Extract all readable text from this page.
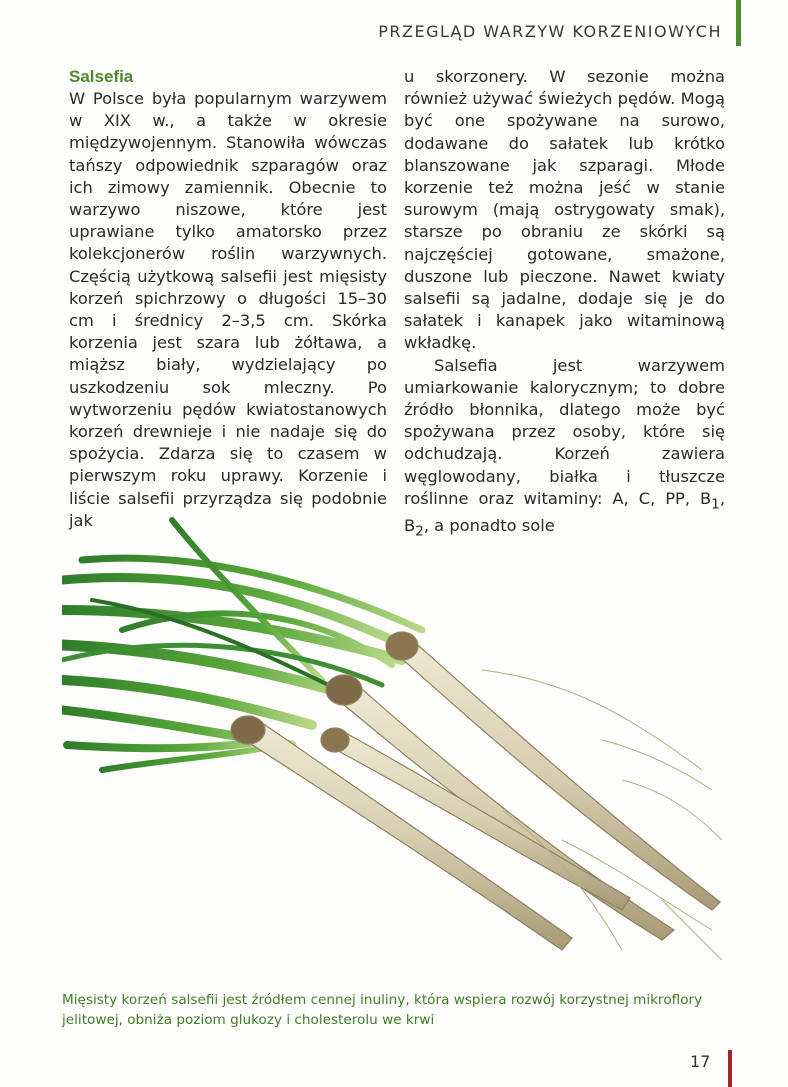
PRZEGLĄD WARZYW KORZENIOWYCH
Salsefia

W Polsce była popularnym warzywem w XIX w., a także w okresie międzywojennym. Stanowiła wówczas tańszy odpowiednik szparagów oraz ich zimowy zamiennik. Obecnie to warzywo niszowe, które jest uprawiane tylko amatorsko przez kolekcjonerów roślin warzywnych. Częścią użytkową salsefii jest mięsisty korzeń spichrzowy o długości 15–30 cm i średnicy 2–3,5 cm. Skórka korzenia jest szara lub żółtawa, a miąższ biały, wydzielający po uszkodzeniu sok mleczny. Po wytworzeniu pędów kwiatostanowych korzeń drewnieje i nie nadaje się do spożycia. Zdarza się to czasem w pierwszym roku uprawy. Korzenie i liście salsefii przyrządza się podobnie jak

u skorzonery. W sezonie można również używać świeżych pędów. Mogą być one spożywane na surowo, dodawane do sałatek lub krótko blanszowane jak szparagi. Młode korzenie też można jeść w stanie surowym (mają ostrygowaty smak), starsze po obraniu ze skórki są najczęściej gotowane, smażone, duszone lub pieczone. Nawet kwiaty salsefii są jadalne, dodaje się je do sałatek i kanapek jako witaminową wkładkę.

Salsefia jest warzywem umiarkowanie kalorycznym; to dobre źródło błonnika, dlatego może być spożywana przez osoby, które się odchudzają. Korzeń zawiera węglowodany, białka i tłuszcze roślinne oraz witaminy: A, C, PP, $B_1$, $B_2$, a ponadto sole

Mięsisty korzeń salsefii jest źródłem cennej inuliny, która wspiera rozwój korzystnej mikroflory jelitowej, obniża poziom glukozy i cholesterolu we krwi
17
